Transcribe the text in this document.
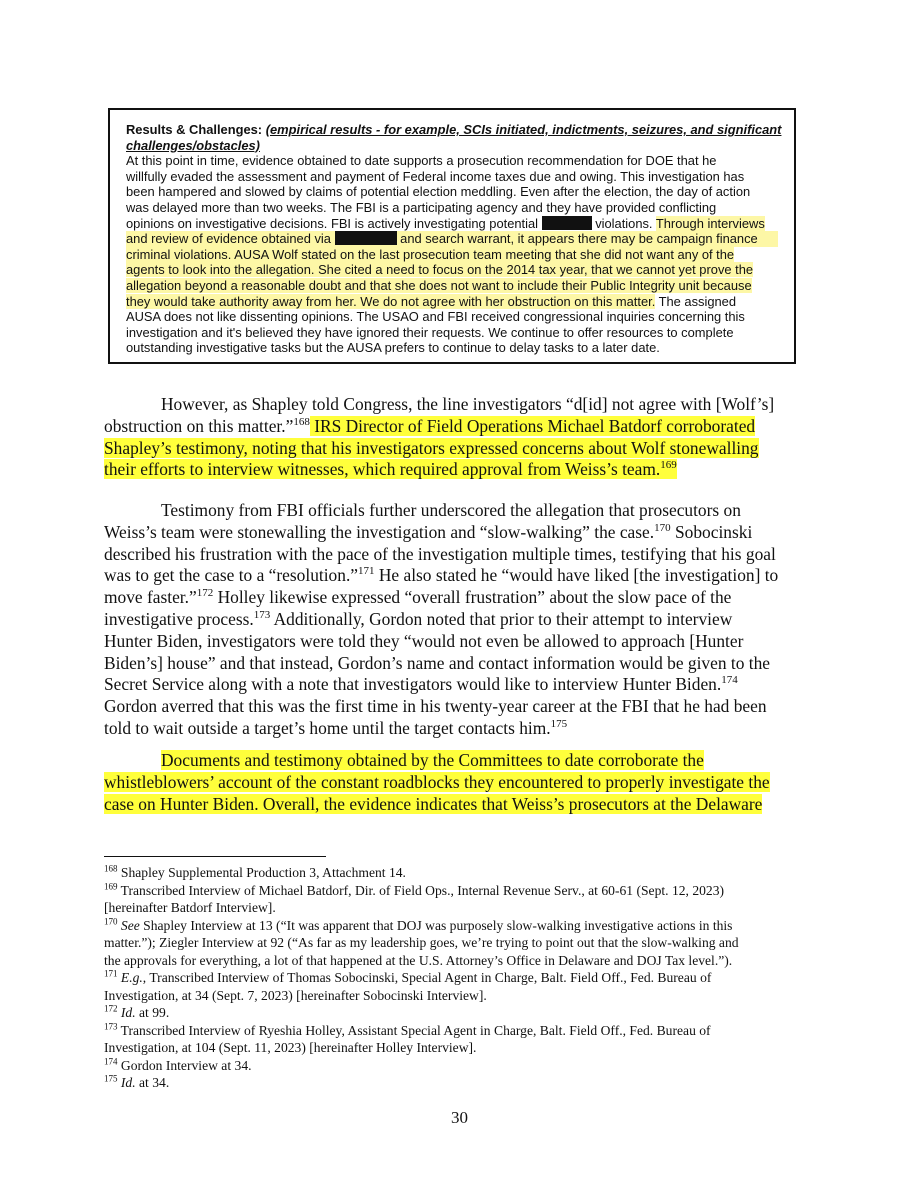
Results & Challenges: (empirical results - for example, SCIs initiated, indictments, seizures, and significant
challenges/obstacles)
At this point in time, evidence obtained to date supports a prosecution recommendation for DOE that he
willfully evaded the assessment and payment of Federal income taxes due and owing. This investigation has
been hampered and slowed by claims of potential election meddling. Even after the election, the day of action
was delayed more than two weeks. The FBI is a participating agency and they have provided conflicting
opinions on investigative decisions. FBI is actively investigating potential	violations. Through interviews
and review of evidence obtained via	and search warrant, it appears there may be campaign finance
criminal violations. AUSA Wolf stated on the last prosecution team meeting that she did not want any of the
agents to look into the allegation. She cited a need to focus on the 2014 tax year, that we cannot yet prove the
allegation beyond a reasonable doubt and that she does not want to include their Public Integrity unit because
they would take authority away from her. We do not agree with her obstruction on this matter. The assigned
AUSA does not like dissenting opinions. The USAO and FBI received congressional inquiries concerning this
investigation and it's believed they have ignored their requests. We continue to offer resources to complete
outstanding investigative tasks but the AUSA prefers to continue to delay tasks to a later date.
However, as Shapley told Congress, the line investigators “d[id] not agree with [Wolf’s]
obstruction on this matter.”$^{168}$ IRS Director of Field Operations Michael Batdorf corroborated
Shapley’s testimony, noting that his investigators expressed concerns about Wolf stonewalling
their efforts to interview witnesses, which required approval from Weiss’s team.$^{169}$
Testimony from FBI officials further underscored the allegation that prosecutors on
Weiss’s team were stonewalling the investigation and “slow-walking” the case.$^{170}$ Sobocinski
described his frustration with the pace of the investigation multiple times, testifying that his goal
was to get the case to a “resolution.”$^{171}$ He also stated he “would have liked [the investigation] to
move faster.”$^{172}$ Holley likewise expressed “overall frustration” about the slow pace of the
investigative process.$^{173}$ Additionally, Gordon noted that prior to their attempt to interview
Hunter Biden, investigators were told they “would not even be allowed to approach [Hunter
Biden’s] house” and that instead, Gordon’s name and contact information would be given to the
Secret Service along with a note that investigators would like to interview Hunter Biden.$^{174}$
Gordon averred that this was the first time in his twenty-year career at the FBI that he had been
told to wait outside a target’s home until the target contacts him.$^{175}$
Documents and testimony obtained by the Committees to date corroborate the
whistleblowers’ account of the constant roadblocks they encountered to properly investigate the
case on Hunter Biden. Overall, the evidence indicates that Weiss’s prosecutors at the Delaware
$^{168}$ Shapley Supplemental Production 3, Attachment 14.
$^{169}$ Transcribed Interview of Michael Batdorf, Dir. of Field Ops., Internal Revenue Serv., at 60-61 (Sept. 12, 2023)
[hereinafter Batdorf Interview].
$^{170}$ See Shapley Interview at 13 (“It was apparent that DOJ was purposely slow-walking investigative actions in this
matter.”); Ziegler Interview at 92 (“As far as my leadership goes, we’re trying to point out that the slow-walking and
the approvals for everything, a lot of that happened at the U.S. Attorney’s Office in Delaware and DOJ Tax level.”).
$^{171}$ E.g., Transcribed Interview of Thomas Sobocinski, Special Agent in Charge, Balt. Field Off., Fed. Bureau of
Investigation, at 34 (Sept. 7, 2023) [hereinafter Sobocinski Interview].
$^{172}$ Id. at 99.
$^{173}$ Transcribed Interview of Ryeshia Holley, Assistant Special Agent in Charge, Balt. Field Off., Fed. Bureau of
Investigation, at 104 (Sept. 11, 2023) [hereinafter Holley Interview].
$^{174}$ Gordon Interview at 34.
$^{175}$ Id. at 34.
30
